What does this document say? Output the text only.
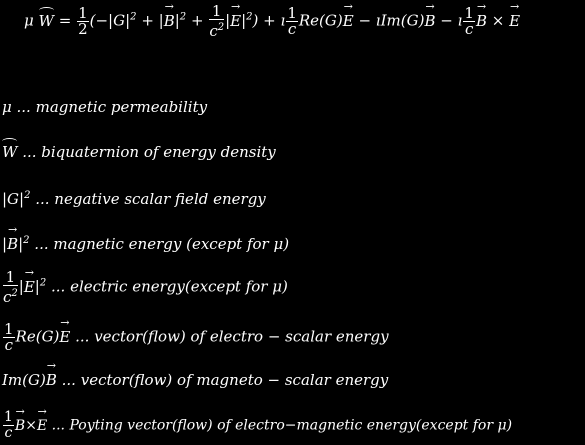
μ $W = \frac{1}{2} (-|G|^2$ + |→ $B|^2 + \frac{1}{c^2}$ |→ $E|^2$) + ı $\frac{1}{c} Re(G)\to E$ − ıIm(G)→ B − ı $\frac{1}{c}$
→ B × → E
μ ... magnetic permeability
W ... biquaternion of energy density
$|G|^2$ ... negative scalar field energy
|→ $B|^2$ ... magnetic energy (except for μ)
$\frac{1}{c^2}$ |→ $E|^2$ ... electric energy(except for μ)
$\frac{1}{c} Re(G)\to E$ ... vector(flow) of electro − scalar energy
Im(G)→ B ... vector(flow) of magneto − scalar energy
$\frac{1}{c}$
→ B×→ E ... Poyting vector(flow) of electro−magnetic energy(except for μ)
